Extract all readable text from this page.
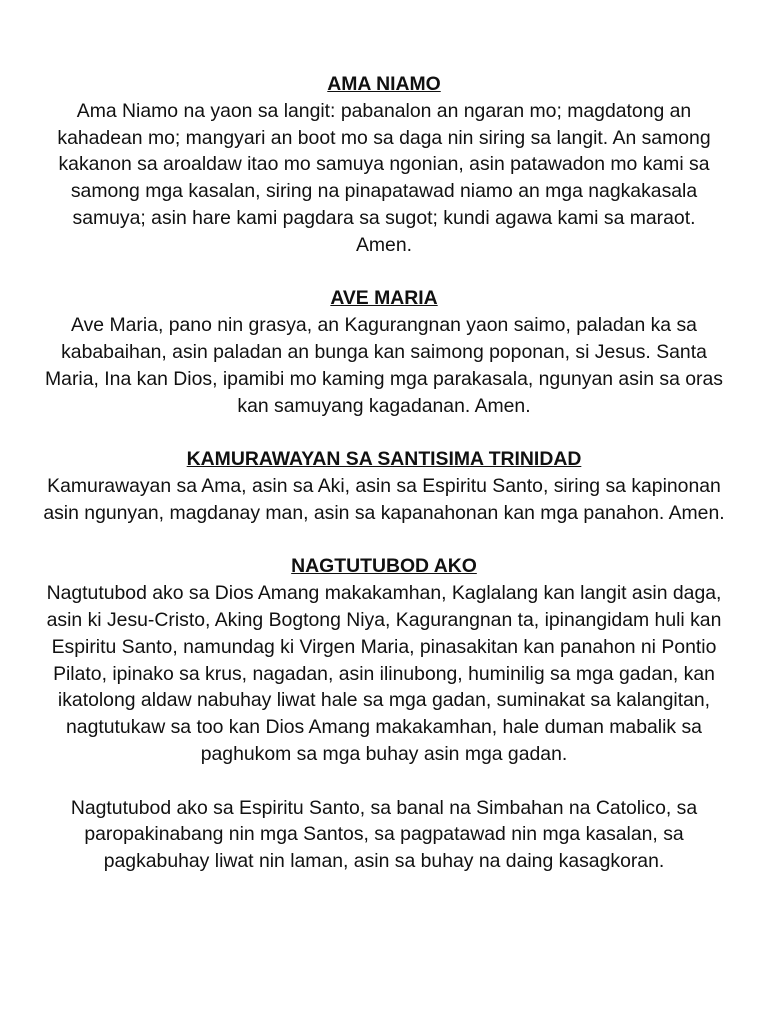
AMA NIAMO

Ama Niamo na yaon sa langit: pabanalon an ngaran mo; magdatong an kahadean mo; mangyari an boot mo sa daga nin siring sa langit. An samong kakanon sa aroaldaw itao mo samuya ngonian, asin patawadon mo kami sa samong mga kasalan, siring na pinapatawad niamo an mga nagkakasala samuya; asin hare kami pagdara sa sugot; kundi agawa kami sa maraot.

Amen.

AVE MARIA

Ave Maria, pano nin grasya, an Kagurangnan yaon saimo, paladan ka sa kababaihan, asin paladan an bunga kan saimong poponan, si Jesus. Santa Maria, Ina kan Dios, ipamibi mo kaming mga parakasala, ngunyan asin sa oras kan samuyang kagadanan. Amen.

KAMURAWAYAN SA SANTISIMA TRINIDAD

Kamurawayan sa Ama, asin sa Aki, asin sa Espiritu Santo, siring sa kapinonan asin ngunyan, magdanay man, asin sa kapanahonan kan mga panahon. Amen.

NAGTUTUBOD AKO

Nagtutubod ako sa Dios Amang makakamhan, Kaglalang kan langit asin daga, asin ki Jesu-Cristo, Aking Bogtong Niya, Kagurangnan ta, ipinangidam huli kan Espiritu Santo, namundag ki Virgen Maria, pinasakitan kan panahon ni Pontio Pilato, ipinako sa krus, nagadan, asin ilinubong, huminilig sa mga gadan, kan ikatolong aldaw nabuhay liwat hale sa mga gadan, suminakat sa kalangitan, nagtutukaw sa too kan Dios Amang makakamhan, hale duman mabalik sa paghukom sa mga buhay asin mga gadan.

Nagtutubod ako sa Espiritu Santo, sa banal na Simbahan na Catolico, sa paropakinabang nin mga Santos, sa pagpatawad nin mga kasalan, sa pagkabuhay liwat nin laman, asin sa buhay na daing kasagkoran.
